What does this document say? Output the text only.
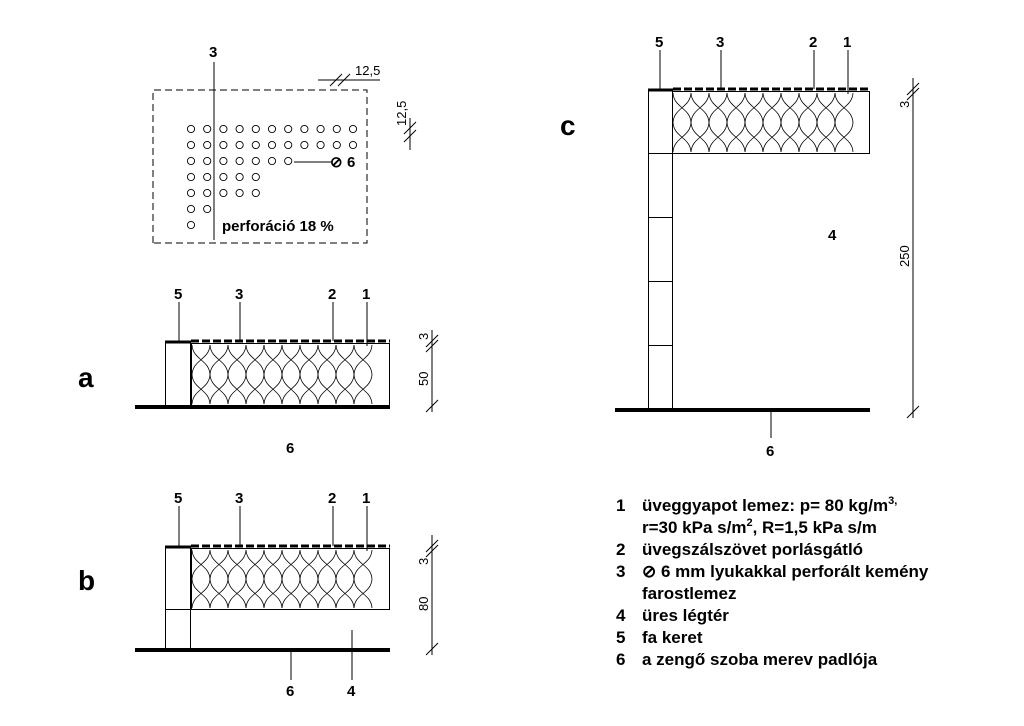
3
12,5
12,5
⊘ 6
perforáció 18 %
a
5	3	2 1
6
3
50
b
5	3	2 1
6	4
3
80
c
5	3	2 1
4
6
3
250
1 üveggyapot lemez: p= 80 $kg/m^{3,}$
r=30 kPa $s/m^2$, R=1,5 kPa s/m
2 üvegszálszövet porlásgátló
3 ⊘ 6 mm lyukakkal perforált kemény
farostlemez
4 üres légtér
5 fa keret
6 a zengő szoba merev padlója
